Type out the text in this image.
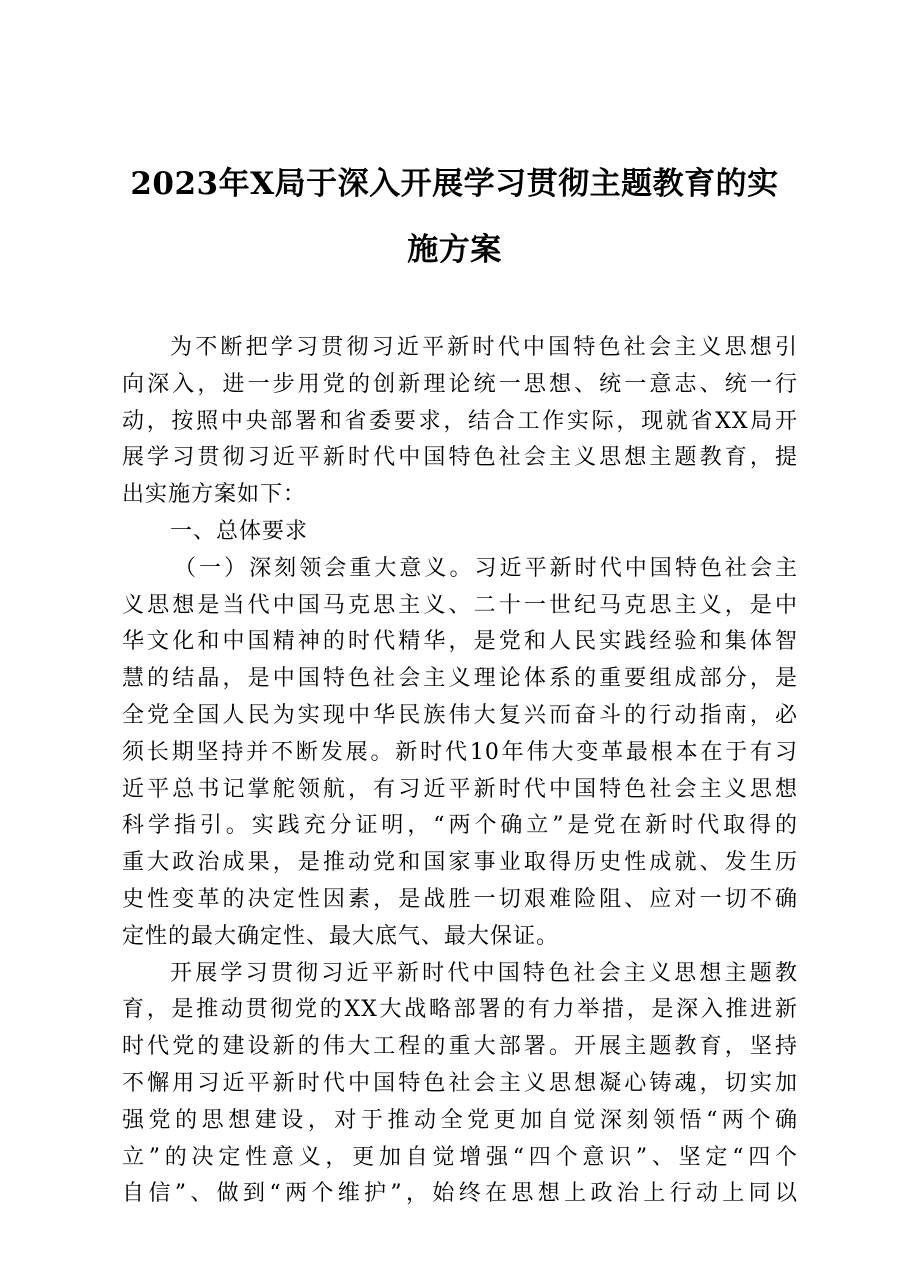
2023年X局于深入开展学习贯彻主题教育的实
施方案
为不断把学习贯彻习近平新时代中国特色社会主义思想引
向深入，进一步用党的创新理论统一思想、统一意志、统一行
动，按照中央部署和省委要求，结合工作实际，现就省XX局开
展学习贯彻习近平新时代中国特色社会主义思想主题教育，提
出实施方案如下：
一、总体要求
（一）深刻领会重大意义。习近平新时代中国特色社会主
义思想是当代中国马克思主义、二十一世纪马克思主义，是中
华文化和中国精神的时代精华，是党和人民实践经验和集体智
慧的结晶，是中国特色社会主义理论体系的重要组成部分，是
全党全国人民为实现中华民族伟大复兴而奋斗的行动指南，必
须长期坚持并不断发展。新时代10年伟大变革最根本在于有习
近平总书记掌舵领航，有习近平新时代中国特色社会主义思想
科学指引。实践充分证明，“两个确立”是党在新时代取得的
重大政治成果，是推动党和国家事业取得历史性成就、发生历
史性变革的决定性因素，是战胜一切艰难险阻、应对一切不确
定性的最大确定性、最大底气、最大保证。
开展学习贯彻习近平新时代中国特色社会主义思想主题教
育，是推动贯彻党的XX大战略部署的有力举措，是深入推进新
时代党的建设新的伟大工程的重大部署。开展主题教育，坚持
不懈用习近平新时代中国特色社会主义思想凝心铸魂，切实加
强党的思想建设，对于推动全党更加自觉深刻领悟“两个确
立”的决定性意义，更加自觉增强“四个意识”、坚定“四个
自信”、做到“两个维护”，始终在思想上政治上行动上同以
